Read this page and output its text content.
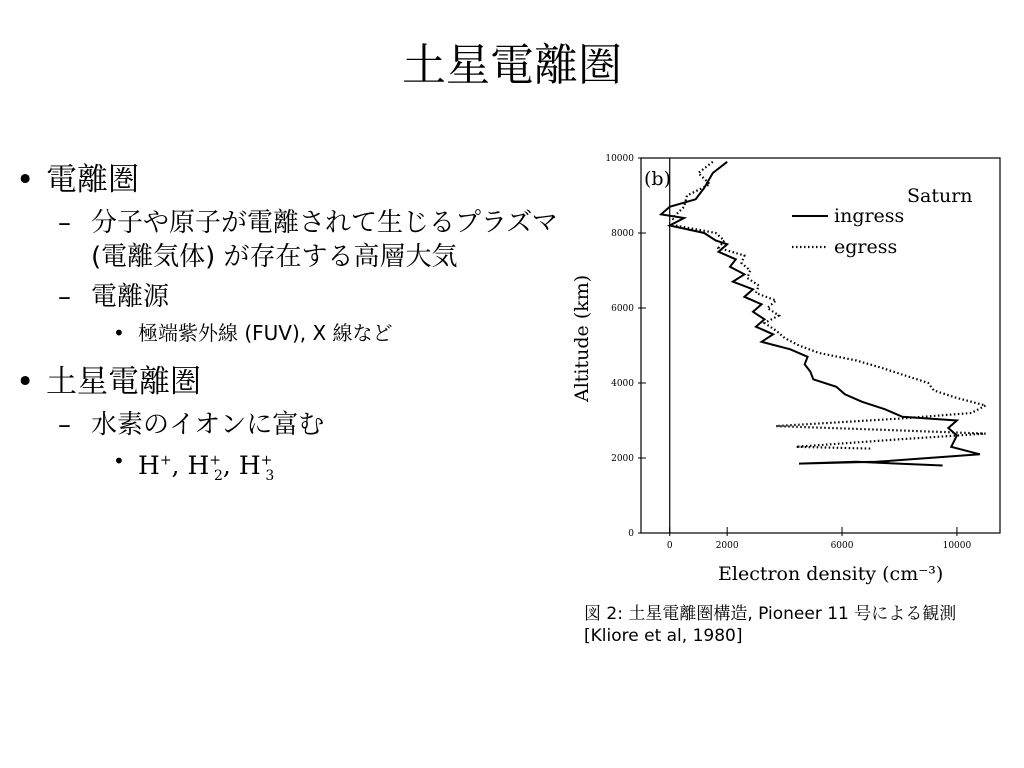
土星電離圏
• 電離圏
– 分子や原子が電離されて生じるプラズマ (電離気体) が存在する高層大気
– 電離源
• 極端紫外線 (FUV), X 線など
• 土星電離圏
– 水素のイオンに富む
• H+, $H^+_2$, $H^+_3$
0
2000
4000
6000
8000
10000
0	2000	6000	10000
(b)
Saturn
ingress
egress
Electron density (cm⁻³)
Altitude (km)
図 2: 土星電離圏構造, Pioneer 11 号による観測
[Kliore et al, 1980]
